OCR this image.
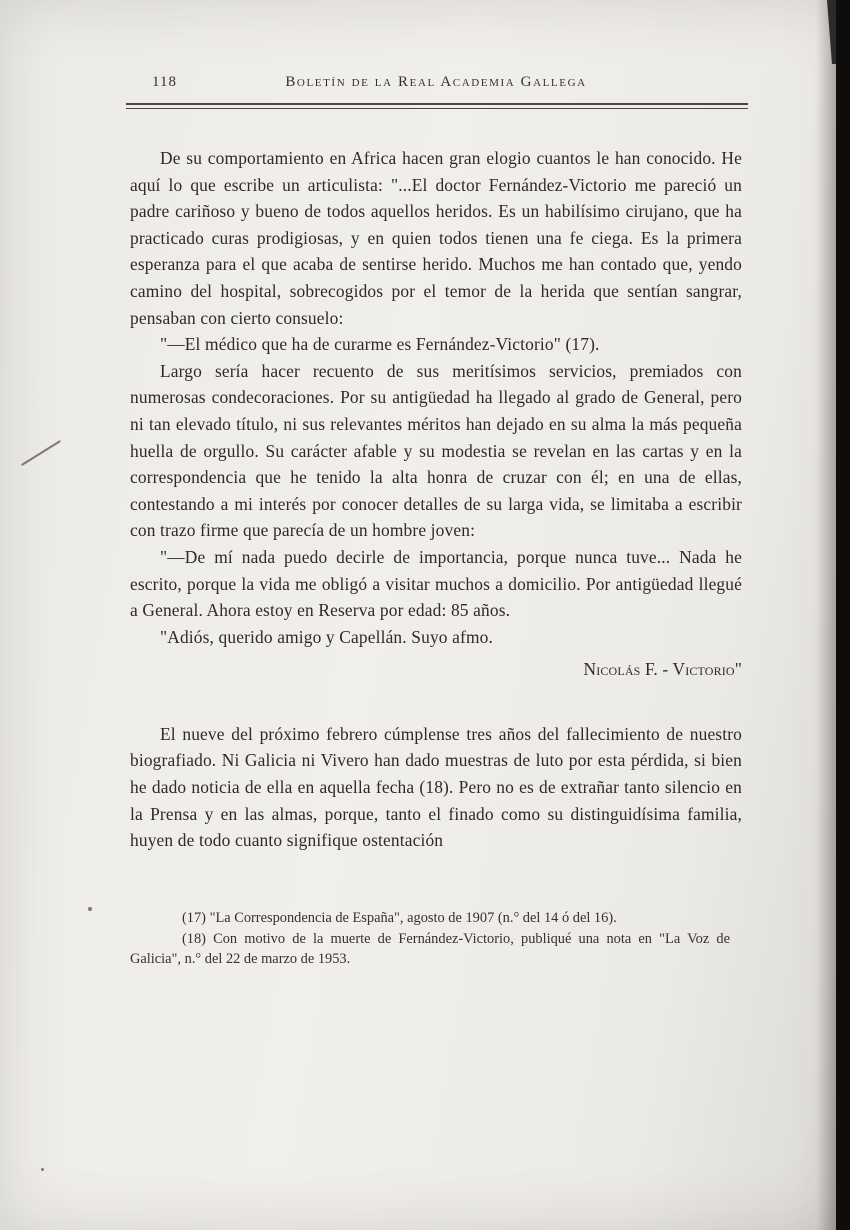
118	Boletín de la Real Academia Gallega

De su comportamiento en Africa hacen gran elogio cuantos le han conocido. He aquí lo que escribe un articulista: "...El doctor Fernández-Victorio me pareció un padre cariñoso y bueno de todos aquellos heridos. Es un habilísimo cirujano, que ha practicado curas prodigiosas, y en quien todos tienen una fe ciega. Es la primera esperanza para el que acaba de sentirse herido. Muchos me han contado que, yendo camino del hospital, sobrecogidos por el temor de la herida que sentían sangrar, pensaban con cierto consuelo:

"—El médico que ha de curarme es Fernández-Victorio" (17).

Largo sería hacer recuento de sus meritísimos servicios, premiados con numerosas condecoraciones. Por su antigüedad ha llegado al grado de General, pero ni tan elevado título, ni sus relevantes méritos han dejado en su alma la más pequeña huella de orgullo. Su carácter afable y su modestia se revelan en las cartas y en la correspondencia que he tenido la alta honra de cruzar con él; en una de ellas, contestando a mi interés por conocer detalles de su larga vida, se limitaba a escribir con trazo firme que parecía de un hombre joven:

"—De mí nada puedo decirle de importancia, porque nunca tuve... Nada he escrito, porque la vida me obligó a visitar muchos a domicilio. Por antigüedad llegué a General. Ahora estoy en Reserva por edad: 85 años.

"Adiós, querido amigo y Capellán. Suyo afmo.

Nicolás F. - Victorio"

El nueve del próximo febrero cúmplense tres años del fallecimiento de nuestro biografiado. Ni Galicia ni Vivero han dado muestras de luto por esta pérdida, si bien he dado noticia de ella en aquella fecha (18). Pero no es de extrañar tanto silencio en la Prensa y en las almas, porque, tanto el finado como su distinguidísima familia, huyen de todo cuanto signifique ostentación

(17) "La Correspondencia de España", agosto de 1907 (n.° del 14 ó del 16).

(18) Con motivo de la muerte de Fernández-Victorio, publiqué una nota en "La Voz de Galicia", n.° del 22 de marzo de 1953.
